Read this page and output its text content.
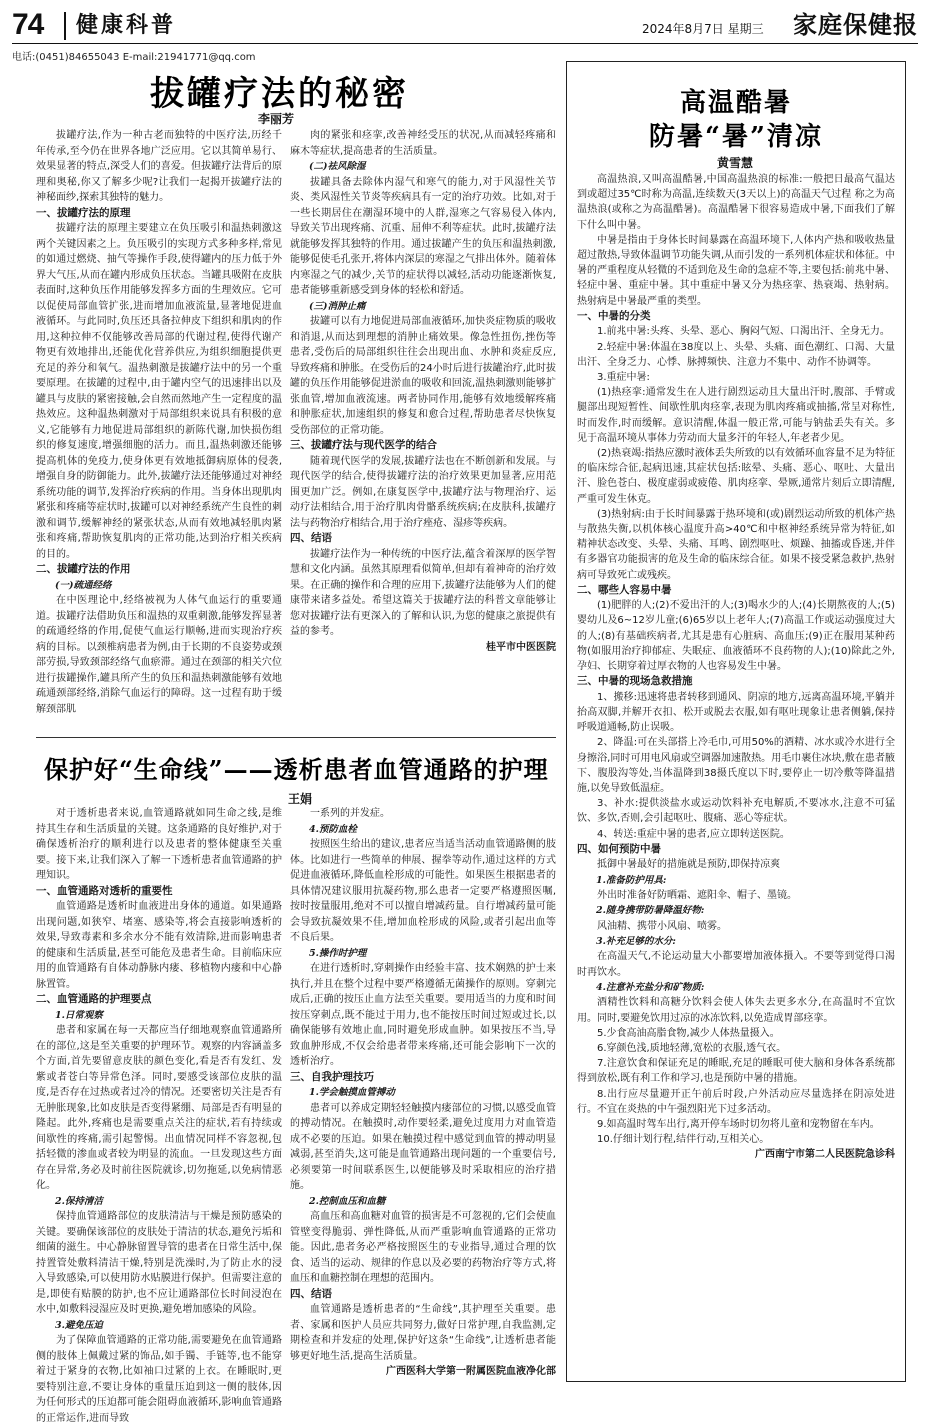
74 健康科普	2024年8月7日 星期三 家庭保健报
电话:(0451)84655043 E-mail:21941771@qq.com
拔罐疗法的秘密
李丽芳

拔罐疗法,作为一种古老而独特的中医疗法,历经千年传承,至今仍在世界各地广泛应用。它以其简单易行、效果显著的特点,深受人们的喜爱。但拔罐疗法背后的原理和奥秘,你又了解多少呢?让我们一起揭开拔罐疗法的神秘面纱,探索其独特的魅力。

一、拔罐疗法的原理

拔罐疗法的原理主要建立在负压吸引和温热刺激这两个关键因素之上。负压吸引的实现方式多种多样,常见的如通过燃烧、抽气等操作手段,使得罐内的压力低于外界大气压,从而在罐内形成负压状态。当罐具吸附在皮肤表面时,这种负压作用能够发挥多方面的生理效应。它可以促使局部血管扩张,进而增加血液流量,显著地促进血液循环。与此同时,负压还具备拉伸皮下组织和肌肉的作用,这种拉伸不仅能够改善局部的代谢过程,使得代谢产物更有效地排出,还能优化营养供应,为组织细胞提供更充足的养分和氧气。温热刺激是拔罐疗法中的另一个重要原理。在拔罐的过程中,由于罐内空气的迅速排出以及罐具与皮肤的紧密接触,会自然而然地产生一定程度的温热效应。这种温热刺激对于局部组织来说具有积极的意义,它能够有力地促进局部组织的新陈代谢,加快损伤组织的修复速度,增强细胞的活力。而且,温热刺激还能够提高机体的免疫力,使身体更有效地抵御病原体的侵袭,增强自身的防御能力。此外,拔罐疗法还能够通过对神经系统功能的调节,发挥治疗疾病的作用。当身体出现肌肉紧张和疼痛等症状时,拔罐可以对神经系统产生良性的刺激和调节,缓解神经的紧张状态,从而有效地减轻肌肉紧张和疼痛,帮助恢复肌肉的正常功能,达到治疗相关疾病的目的。

二、拔罐疗法的作用
(一)疏通经络

在中医理论中,经络被视为人体气血运行的重要通道。拔罐疗法借助负压和温热的双重刺激,能够发挥显著的疏通经络的作用,促使气血运行顺畅,进而实现治疗疾病的目标。以颈椎病患者为例,由于长期的不良姿势或颈部劳损,导致颈部经络气血瘀滞。通过在颈部的相关穴位进行拔罐操作,罐具所产生的负压和温热刺激能够有效地疏通颈部经络,消除气血运行的障碍。这一过程有助于缓解颈部肌

肉的紧张和痉挛,改善神经受压的状况,从而减轻疼痛和麻木等症状,提高患者的生活质量。

(二)祛风除湿

拔罐具备去除体内湿气和寒气的能力,对于风湿性关节炎、类风湿性关节炎等疾病具有一定的治疗功效。比如,对于一些长期居住在潮湿环境中的人群,湿寒之气容易侵入体内,导致关节出现疼痛、沉重、屈伸不利等症状。此时,拔罐疗法就能够发挥其独特的作用。通过拔罐产生的负压和温热刺激,能够促使毛孔张开,将体内深层的寒湿之气排出体外。随着体内寒湿之气的减少,关节的症状得以减轻,活动功能逐渐恢复,患者能够重新感受到身体的轻松和舒适。

(三)消肿止痛

拔罐可以有力地促进局部血液循环,加快炎症物质的吸收和消退,从而达到理想的消肿止痛效果。像急性扭伤,挫伤等患者,受伤后的局部组织往往会出现出血、水肿和炎症反应,导致疼痛和肿胀。在受伤后的24小时后进行拔罐治疗,此时拔罐的负压作用能够促进淤血的吸收和回流,温热刺激则能够扩张血管,增加血液流速。两者协同作用,能够有效地缓解疼痛和肿胀症状,加速组织的修复和愈合过程,帮助患者尽快恢复受伤部位的正常功能。

三、拔罐疗法与现代医学的结合

随着现代医学的发展,拔罐疗法也在不断创新和发展。与现代医学的结合,使得拔罐疗法的治疗效果更加显著,应用范围更加广泛。例如,在康复医学中,拔罐疗法与物理治疗、运动疗法相结合,用于治疗肌肉骨骼系统疾病;在皮肤科,拔罐疗法与药物治疗相结合,用于治疗痤疮、湿疹等疾病。

四、结语

拔罐疗法作为一种传统的中医疗法,蕴含着深厚的医学智慧和文化内涵。虽然其原理看似简单,但却有着神奇的治疗效果。在正确的操作和合理的应用下,拔罐疗法能够为人们的健康带来诸多益处。希望这篇关于拔罐疗法的科普文章能够让您对拔罐疗法有更深入的了解和认识,为您的健康之旅提供有益的参考。

桂平市中医医院

保护好“生命线”——透析患者血管通路的护理
王娟

对于透析患者来说,血管通路就如同生命之线,是维持其生存和生活质量的关键。这条通路的良好维护,对于确保透析治疗的顺利进行以及患者的整体健康至关重要。接下来,让我们深入了解一下透析患者血管通路的护理知识。

一、血管通路对透析的重要性

血管通路是透析时血液进出身体的通道。如果通路出现问题,如狭窄、堵塞、感染等,将会直接影响透析的效果,导致毒素和多余水分不能有效清除,进而影响患者的健康和生活质量,甚至可能危及患者生命。目前临床应用的血管通路有自体动静脉内瘘、移植物内瘘和中心静脉置管。

二、血管通路的护理要点
1.日常观察

患者和家属在每一天都应当仔细地观察血管通路所在的部位,这是至关重要的护理环节。观察的内容涵盖多个方面,首先要留意皮肤的颜色变化,看是否有发红、发紫或者苍白等异常色泽。同时,要感受该部位皮肤的温度,是否存在过热或者过冷的情况。还要密切关注是否有无肿胀现象,比如皮肤是否变得紧绷、局部是否有明显的隆起。此外,疼痛也是需要重点关注的症状,若有持续或间歇性的疼痛,需引起警惕。出血情况同样不容忽视,包括轻微的渗血或者较为明显的流血。一旦发现这些方面存在异常,务必及时前往医院就诊,切勿拖延,以免病情恶化。

2.保持清洁

保持血管通路部位的皮肤清洁与干燥是预防感染的关键。要确保该部位的皮肤处于清洁的状态,避免污垢和细菌的滋生。中心静脉留置导管的患者在日常生活中,保持置管处敷料清洁干燥,特别是洗澡时,为了防止水的浸入导致感染,可以使用防水贴膜进行保护。但需要注意的是,即使有贴膜的防护,也不应让通路部位长时间浸泡在水中,如敷料浸湿应及时更换,避免增加感染的风险。

3.避免压迫

为了保障血管通路的正常功能,需要避免在血管通路侧的肢体上佩戴过紧的饰品,如手镯、手链等,也不能穿着过于紧身的衣物,比如袖口过紧的上衣。在睡眠时,更要特别注意,不要让身体的重量压迫到这一侧的肢体,因为任何形式的压迫都可能会阻碍血液循环,影响血管通路的正常运作,进而导致

一系列的并发症。

4.预防血栓

按照医生给出的建议,患者应当适当活动血管通路侧的肢体。比如进行一些简单的伸展、握拳等动作,通过这样的方式促进血液循环,降低血栓形成的可能性。如果医生根据患者的具体情况建议服用抗凝药物,那么患者一定要严格遵照医嘱,按时按量服用,绝对不可以擅自增减药量。自行增减药量可能会导致抗凝效果不佳,增加血栓形成的风险,或者引起出血等不良后果。

5.操作时护理

在进行透析时,穿刺操作由经验丰富、技术娴熟的护士来执行,并且在整个过程中要严格遵循无菌操作的原则。穿刺完成后,正确的按压止血方法至关重要。要用适当的力度和时间按压穿刺点,既不能过于用力,也不能按压时间过短或过长,以确保能够有效地止血,同时避免形成血肿。如果按压不当,导致血肿形成,不仅会给患者带来疼痛,还可能会影响下一次的透析治疗。

三、自我护理技巧
1.学会触摸血管搏动

患者可以养成定期轻轻触摸内瘘部位的习惯,以感受血管的搏动情况。在触摸时,动作要轻柔,避免过度用力对血管造成不必要的压迫。如果在触摸过程中感觉到血管的搏动明显减弱,甚至消失,这可能是血管通路出现问题的一个重要信号,必须要第一时间联系医生,以便能够及时采取相应的治疗措施。

2.控制血压和血糖

高血压和高血糖对血管的损害是不可忽视的,它们会使血管壁变得脆弱、弹性降低,从而严重影响血管通路的正常功能。因此,患者务必严格按照医生的专业指导,通过合理的饮食、适当的运动、规律的作息以及必要的药物治疗等方式,将血压和血糖控制在理想的范围内。

四、结语

血管通路是透析患者的“生命线”,其护理至关重要。患者、家属和医护人员应共同努力,做好日常护理,自我监测,定期检查和并发症的处理,保护好这条“生命线”,让透析患者能够更好地生活,提高生活质量。

广西医科大学第一附属医院血液净化部

高温酷暑
防暑“暑”清凉
黄雪慧

高温热浪,又叫高温酷暑,中国高温热浪的标准:一般把日最高气温达到或超过35℃时称为高温,连续数天(3天以上)的高温天气过程 称之为高温热浪(或称之为高温酷暑)。高温酷暑下很容易造成中暑,下面我们了解下什么叫中暑。

中暑是指由于身体长时间暴露在高温环境下,人体内产热和吸收热量超过散热,导致体温调节功能失调,从而引发的一系列机体症状和体征。中暑的严重程度从轻微的不适到危及生命的急症不等,主要包括:前兆中暑、轻症中暑、重症中暑。其中重症中暑又分为热痉挛、热衰竭、热射病。热射病是中暑最严重的类型。

一、中暑的分类

1.前兆中暑:头疼、头晕、恶心、胸闷气短、口渴出汗、全身无力。

2.轻症中暑:体温在38度以上、头晕、头痛、面色潮红、口渴、大量出汗、全身乏力、心悸、脉搏频快、注意力不集中、动作不协调等。

3.重症中暑:

(1)热痉挛:通常发生在人进行剧烈运动且大量出汗时,腹部、手臂或腿部出现短暂性、间歇性肌肉痉挛,表现为肌肉疼痛或抽搐,常呈对称性,时而发作,时而缓解。意识清醒,体温一般正常,可能与钠盐丢失有关。多见于高温环境从事体力劳动而大量多汗的年轻人,年老者少见。

(2)热衰竭:指热应激时液体丢失所致的以有效循环血容量不足为特征的临床综合征,起病迅速,其症状包括:眩晕、头痛、恶心、呕吐、大量出汗、脸色苍白、极度虚弱或疲倦、肌肉痉挛、晕厥,通常片刻后立即清醒,严重可发生休克。

(3)热射病:由于长时间暴露于热环境和(或)剧烈运动所致的机体产热与散热失衡,以机体核心温度升高>40℃和中枢神经系统异常为特征,如精神状态改变、头晕、头痛、耳鸣、剧烈呕吐、烦躁、抽搐或昏迷,并伴有多器官功能损害的危及生命的临床综合征。如果不接受紧急救护,热射病可导致死亡或残疾。

二、哪些人容易中暑

(1)肥胖的人;(2)不爱出汗的人;(3)喝水少的人;(4)长期熬夜的人;(5)婴幼儿及6~12岁儿童;(6)65岁以上老年人;(7)高温工作或运动强度过大的人;(8)有基础疾病者,尤其是患有心脏病、高血压;(9)正在服用某种药物(如服用治疗抑郁症、失眠症、血液循环不良药物的人);(10)除此之外,孕妇、长期穿着过厚衣物的人也容易发生中暑。

三、中暑的现场急救措施

1、搬移:迅速将患者转移到通风、阴凉的地方,远离高温环境,平躺并抬高双脚,并解开衣扣、松开或脱去衣服,如有呕吐现象让患者侧躺,保持呼吸道通畅,防止误吸。

2、降温:可在头部搭上冷毛巾,可用50%的酒精、冰水或冷水进行全身擦浴,同时可用电风扇或空调器加速散热。用毛巾裹住冰块,敷在患者腋下、腹股沟等处,当体温降到38摄氏度以下时,要停止一切冷敷等降温措施,以免导致低温症。

3、补水:提供淡盐水或运动饮料补充电解质,不要冰水,注意不可猛饮、多饮,否则,会引起呕吐、腹痛、恶心等症状。

4、转送:重症中暑的患者,应立即转送医院。

四、如何预防中暑

抵御中暑最好的措施就是预防,即保持凉爽

1.准备防护用具:

外出时准备好防晒霜、遮阳伞、帽子、墨镜。

2.随身携带防暑降温好物:

风油精、携带小风扇、喷雾。

3.补充足够的水分:

在高温天气,不论运动量大小都要增加液体摄入。不要等到觉得口渴时再饮水。

4.注意补充盐分和矿物质:

酒精性饮料和高糖分饮料会使人体失去更多水分,在高温时不宜饮用。同时,要避免饮用过凉的冰冻饮料,以免造成胃部痉挛。

5.少食高油高脂食物,减少人体热量摄入。

6.穿颜色浅,质地轻薄,宽松的衣服,透气衣。

7.注意饮食和保证充足的睡眠,充足的睡眠可使大脑和身体各系统都得到放松,既有利工作和学习,也是预防中暑的措施。

8.出行应尽量避开正午前后时段,户外活动应尽量选择在阴凉处进行。不宜在炎热的中午强烈阳光下过多活动。

9.如高温时驾车出行,离开停车场时切勿将儿童和宠物留在车内。

10.仔细计划行程,结伴行动,互相关心。

广西南宁市第二人民医院急诊科
